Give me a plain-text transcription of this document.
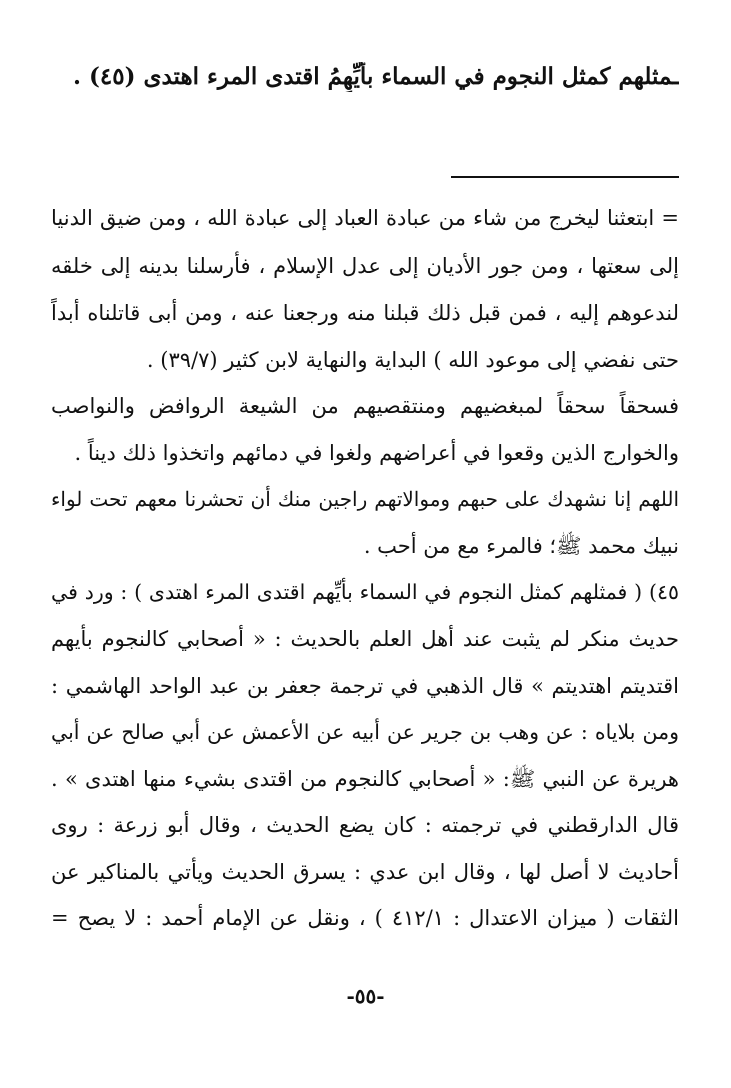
ـمثلهم كمثل النجوم في السماء بأيِّهِمُ اقتدى المرء اهتدى (٤٥) .
= ابتعثنا ليخرج من شاء من عبادة العباد إلى عبادة الله ، ومن ضيق الدنيا
إلى سعتها ، ومن جور الأديان إلى عدل الإسلام ، فأرسلنا بدينه إلى خلقه
لندعوهم إليه ، فمن قبل ذلك قبلنا منه ورجعنا عنه ، ومن أبى قاتلناه أبداً
حتى نفضي إلى موعود الله ) البداية والنهاية لابن كثير (٣٩/٧) .
فسحقاً سحقاً لمبغضيهم ومنتقصيهم من الشيعة الروافض والنواصب
والخوارج الذين وقعوا في أعراضهم ولغوا في دمائهم واتخذوا ذلك ديناً .
اللهم إنا نشهدك على حبهم وموالاتهم راجين منك أن تحشرنا معهم تحت لواء
نبيك محمد ﷺ؛ فالمرء مع من أحب .
٤٥) ( فمثلهم كمثل النجوم في السماء بأيِّهم اقتدى المرء اهتدى ) : ورد في
حديث منكر لم يثبت عند أهل العلم بالحديث : « أصحابي كالنجوم بأيهم
اقتديتم اهتديتم » قال الذهبي في ترجمة جعفر بن عبد الواحد الهاشمي :
ومن بلاياه : عن وهب بن جرير عن أبيه عن الأعمش عن أبي صالح عن أبي
هريرة عن النبي ﷺ: « أصحابي كالنجوم من اقتدى بشيء منها اهتدى » .
قال الدارقطني في ترجمته : كان يضع الحديث ، وقال أبو زرعة : روى
أحاديث لا أصل لها ، وقال ابن عدي : يسرق الحديث ويأتي بالمناكير عن
الثقات ( ميزان الاعتدال : ٤١٢/١ ) ، ونقل عن الإمام أحمد : لا يصح =
-٥٥-
